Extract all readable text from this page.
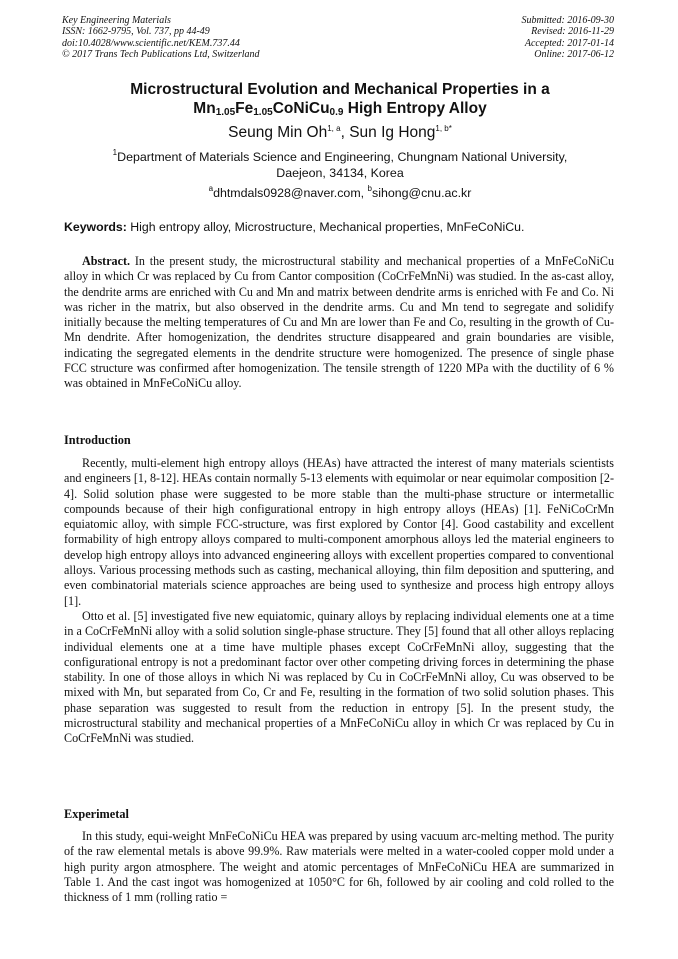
Key Engineering Materials
ISSN: 1662-9795, Vol. 737, pp 44-49
doi:10.4028/www.scientific.net/KEM.737.44
© 2017 Trans Tech Publications Ltd, Switzerland
Submitted: 2016-09-30
Revised: 2016-11-29
Accepted: 2017-01-14
Online: 2017-06-12
Microstructural Evolution and Mechanical Properties in a
$Mn_{1.05}Fe_{1.05}CoNiCu_{0.9}$ High Entropy Alloy
Seung Min Oh$^{1, a}$, Sun Ig Hong$^{1, b*}$
$^1$Department of Materials Science and Engineering, Chungnam National University,
Daejeon, 34134, Korea
$^a$dhtmdals0928@naver.com, $^b$sihong@cnu.ac.kr
Keywords: High entropy alloy, Microstructure, Mechanical properties, MnFeCoNiCu.

Abstract. In the present study, the microstructural stability and mechanical properties of a MnFeCoNiCu alloy in which Cr was replaced by Cu from Cantor composition (CoCrFeMnNi) was studied. In the as-cast alloy, the dendrite arms are enriched with Cu and Mn and matrix between dendrite arms is enriched with Fe and Co. Ni was richer in the matrix, but also observed in the dendrite arms. Cu and Mn tend to segregate and solidify initially because the melting temperatures of Cu and Mn are lower than Fe and Co, resulting in the growth of Cu-Mn dendrite. After homogenization, the dendrites structure disappeared and grain boundaries are visible, indicating the segregated elements in the dendrite structure were homogenized. The presence of single phase FCC structure was confirmed after homogenization. The tensile strength of 1220 MPa with the ductility of 6 % was obtained in MnFeCoNiCu alloy.

Introduction

Recently, multi-element high entropy alloys (HEAs) have attracted the interest of many materials scientists and engineers [1, 8-12]. HEAs contain normally 5-13 elements with equimolar or near equimolar composition [2-4]. Solid solution phase were suggested to be more stable than the multi-phase structure or intermetallic compounds because of their high configurational entropy in high entropy alloys (HEAs) [1]. FeNiCoCrMn equiatomic alloy, with simple FCC-structure, was first explored by Contor [4]. Good castability and excellent formability of high entropy alloys compared to multi-component amorphous alloys led the material engineers to develop high entropy alloys into advanced engineering alloys with excellent properties compared to conventional alloys. Various processing methods such as casting, mechanical alloying, thin film deposition and sputtering, and even combinatorial materials science approaches are being used to synthesize and process high entropy alloys [1].

Otto et al. [5] investigated five new equiatomic, quinary alloys by replacing individual elements one at a time in a CoCrFeMnNi alloy with a solid solution single-phase structure. They [5] found that all other alloys replacing individual elements one at a time have multiple phases except CoCrFeMnNi alloy, suggesting that the configurational entropy is not a predominant factor over other competing driving forces in determining the phase stability. In one of those alloys in which Ni was replaced by Cu in CoCrFeMnNi alloy, Cu was observed to be mixed with Mn, but separated from Co, Cr and Fe, resulting in the formation of two solid solution phases. This phase separation was suggested to result from the reduction in entropy [5]. In the present study, the microstructural stability and mechanical properties of a MnFeCoNiCu alloy in which Cr was replaced by Cu in CoCrFeMnNi was studied.

Experimetal

In this study, equi-weight MnFeCoNiCu HEA was prepared by using vacuum arc-melting method. The purity of the raw elemental metals is above 99.9%. Raw materials were melted in a water-cooled copper mold under a high purity argon atmosphere. The weight and atomic percentages of MnFeCoNiCu HEA are summarized in Table 1. And the cast ingot was homogenized at 1050°C for 6h, followed by air cooling and cold rolled to the thickness of 1 mm (rolling ratio =
